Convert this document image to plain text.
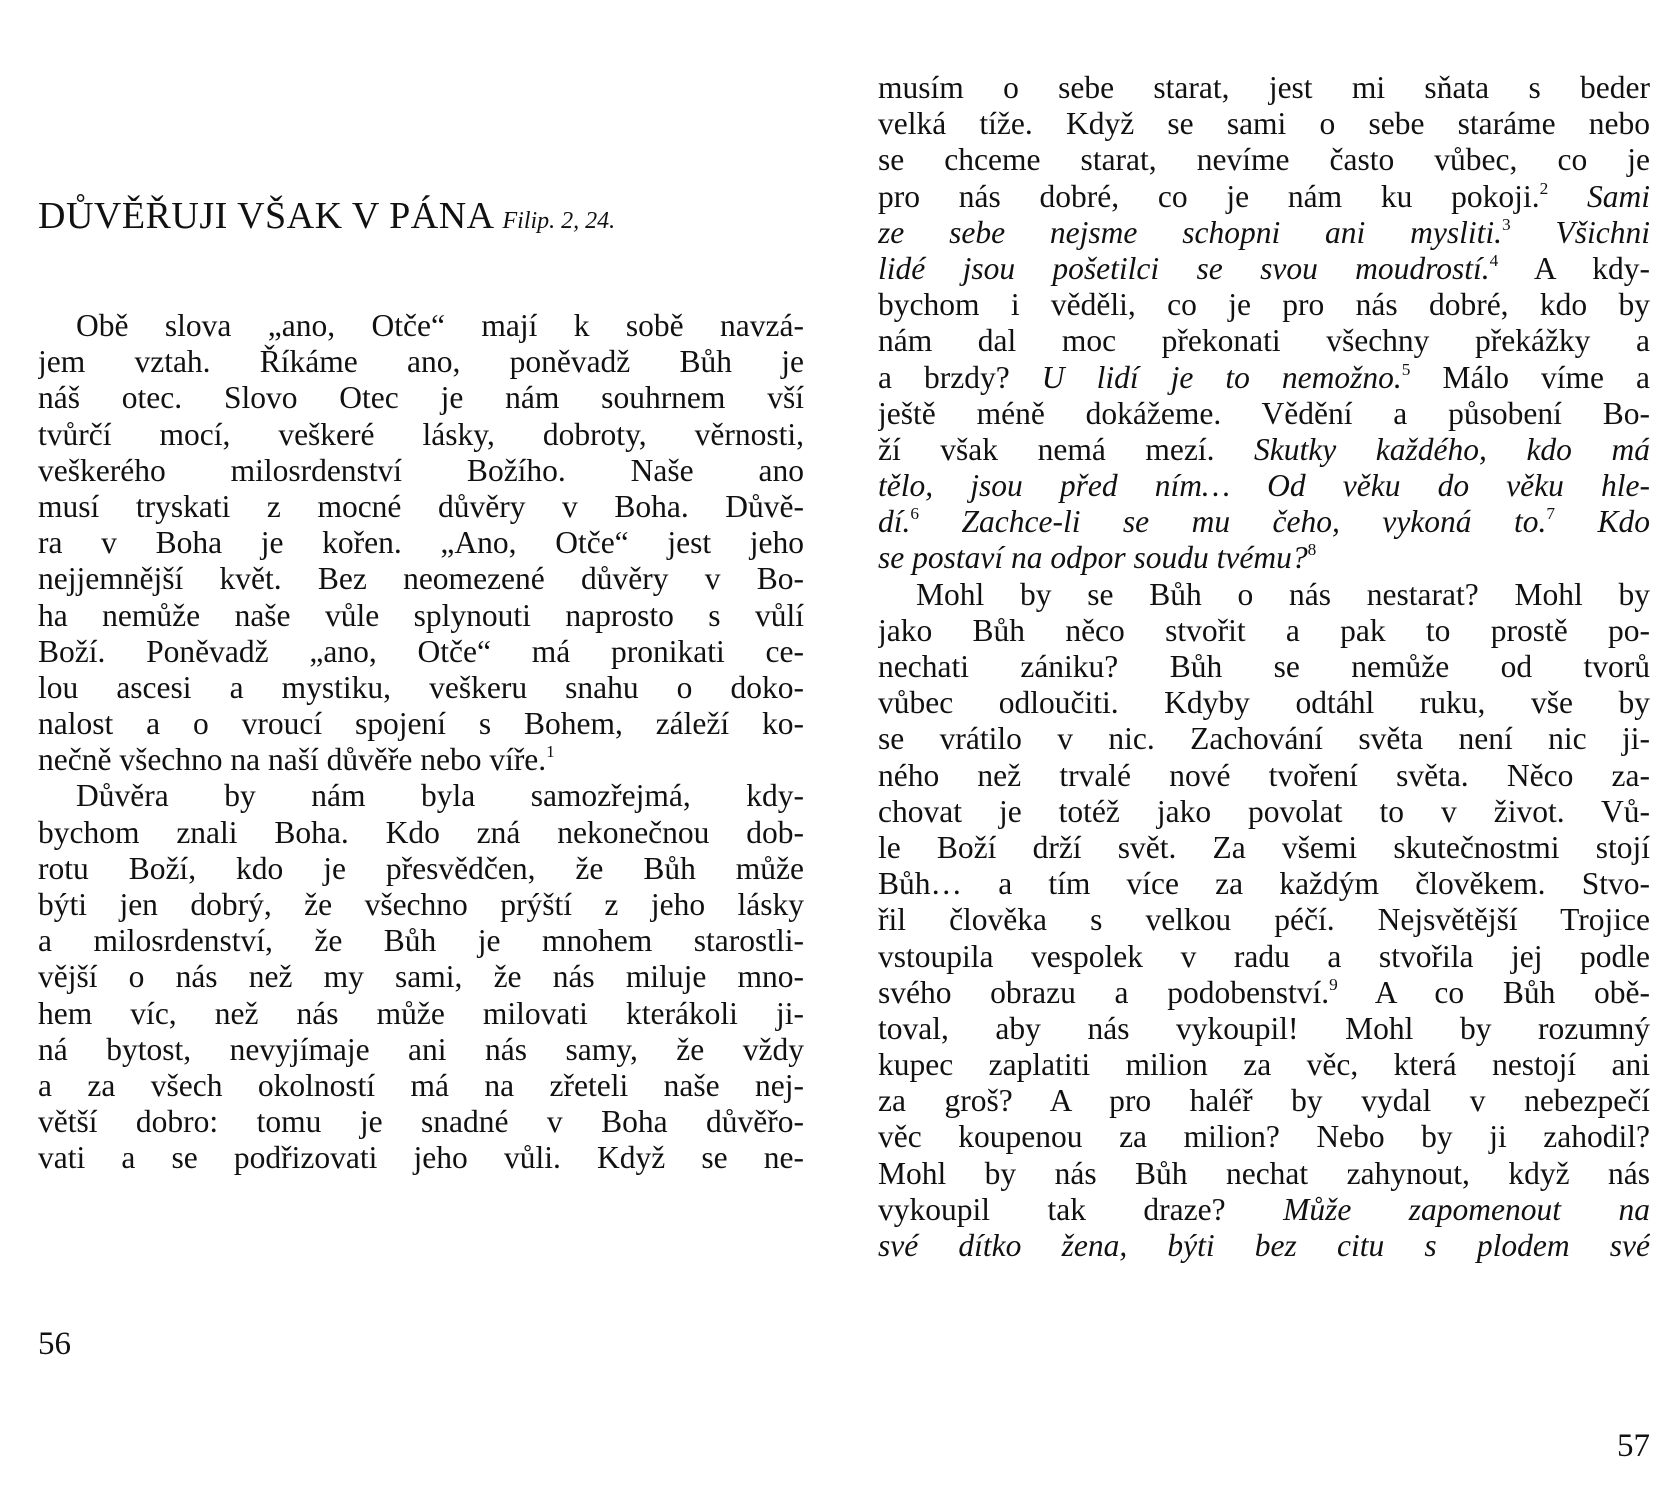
DŮVĚŘUJI VŠAK V PÁNA Filip. 2, 24.
Obě slova „ano, Otče“ mají k sobě navzá-
jem vztah. Říkáme ano, poněvadž Bůh je
náš otec. Slovo Otec je nám souhrnem vší
tvůrčí mocí, veškeré lásky, dobroty, věrnosti,
veškerého milosrdenství Božího. Naše ano
musí tryskati z mocné důvěry v Boha. Důvě-
ra v Boha je kořen. „Ano, Otče“ jest jeho
nejjemnější květ. Bez neomezené důvěry v Bo-
ha nemůže naše vůle splynouti naprosto s vůlí
Boží. Poněvadž „ano, Otče“ má pronikati ce-
lou ascesi a mystiku, veškeru snahu o doko-
nalost a o vroucí spojení s Bohem, záleží ko-
nečně všechno na naší důvěře nebo víře.$^1$
Důvěra by nám byla samozřejmá, kdy-
bychom znali Boha. Kdo zná nekonečnou dob-
rotu Boží, kdo je přesvědčen, že Bůh může
býti jen dobrý, že všechno prýští z jeho lásky
a milosrdenství, že Bůh je mnohem starostli-
vější o nás než my sami, že nás miluje mno-
hem víc, než nás může milovati kterákoli ji-
ná bytost, nevyjímaje ani nás samy, že vždy
a za všech okolností má na zřeteli naše nej-
větší dobro: tomu je snadné v Boha důvěřo-
vati a se podřizovati jeho vůli. Když se ne-
56
musím o sebe starat, jest mi sňata s beder
velká tíže. Když se sami o sebe staráme nebo
se chceme starat, nevíme často vůbec, co je
pro nás dobré, co je nám ku pokoji.$^2$ Sami
ze sebe nejsme schopni ani mysliti.$^3$ Všichni
lidé jsou pošetilci se svou moudrostí.$^4$ A kdy-
bychom i věděli, co je pro nás dobré, kdo by
nám dal moc překonati všechny překážky a
a brzdy? U lidí je to nemožno.$^5$ Málo víme a
ještě méně dokážeme. Vědění a působení Bo-
ží však nemá mezí. Skutky každého, kdo má
tělo, jsou před ním… Od věku do věku hle-
dí.$^6$ Zachce-li se mu čeho, vykoná to.$^7$ Kdo
se postaví na odpor soudu tvému?$^8$
Mohl by se Bůh o nás nestarat? Mohl by
jako Bůh něco stvořit a pak to prostě po-
nechati zániku? Bůh se nemůže od tvorů
vůbec odloučiti. Kdyby odtáhl ruku, vše by
se vrátilo v nic. Zachování světa není nic ji-
ného než trvalé nové tvoření světa. Něco za-
chovat je totéž jako povolat to v život. Vů-
le Boží drží svět. Za všemi skutečnostmi stojí
Bůh… a tím více za každým člověkem. Stvo-
řil člověka s velkou péčí. Nejsvětější Trojice
vstoupila vespolek v radu a stvořila jej podle
svého obrazu a podobenství.$^9$ A co Bůh obě-
toval, aby nás vykoupil! Mohl by rozumný
kupec zaplatiti milion za věc, která nestojí ani
za groš? A pro haléř by vydal v nebezpečí
věc koupenou za milion? Nebo by ji zahodil?
Mohl by nás Bůh nechat zahynout, když nás
vykoupil tak draze? Může zapomenout na
své dítko žena, býti bez citu s plodem své
57
